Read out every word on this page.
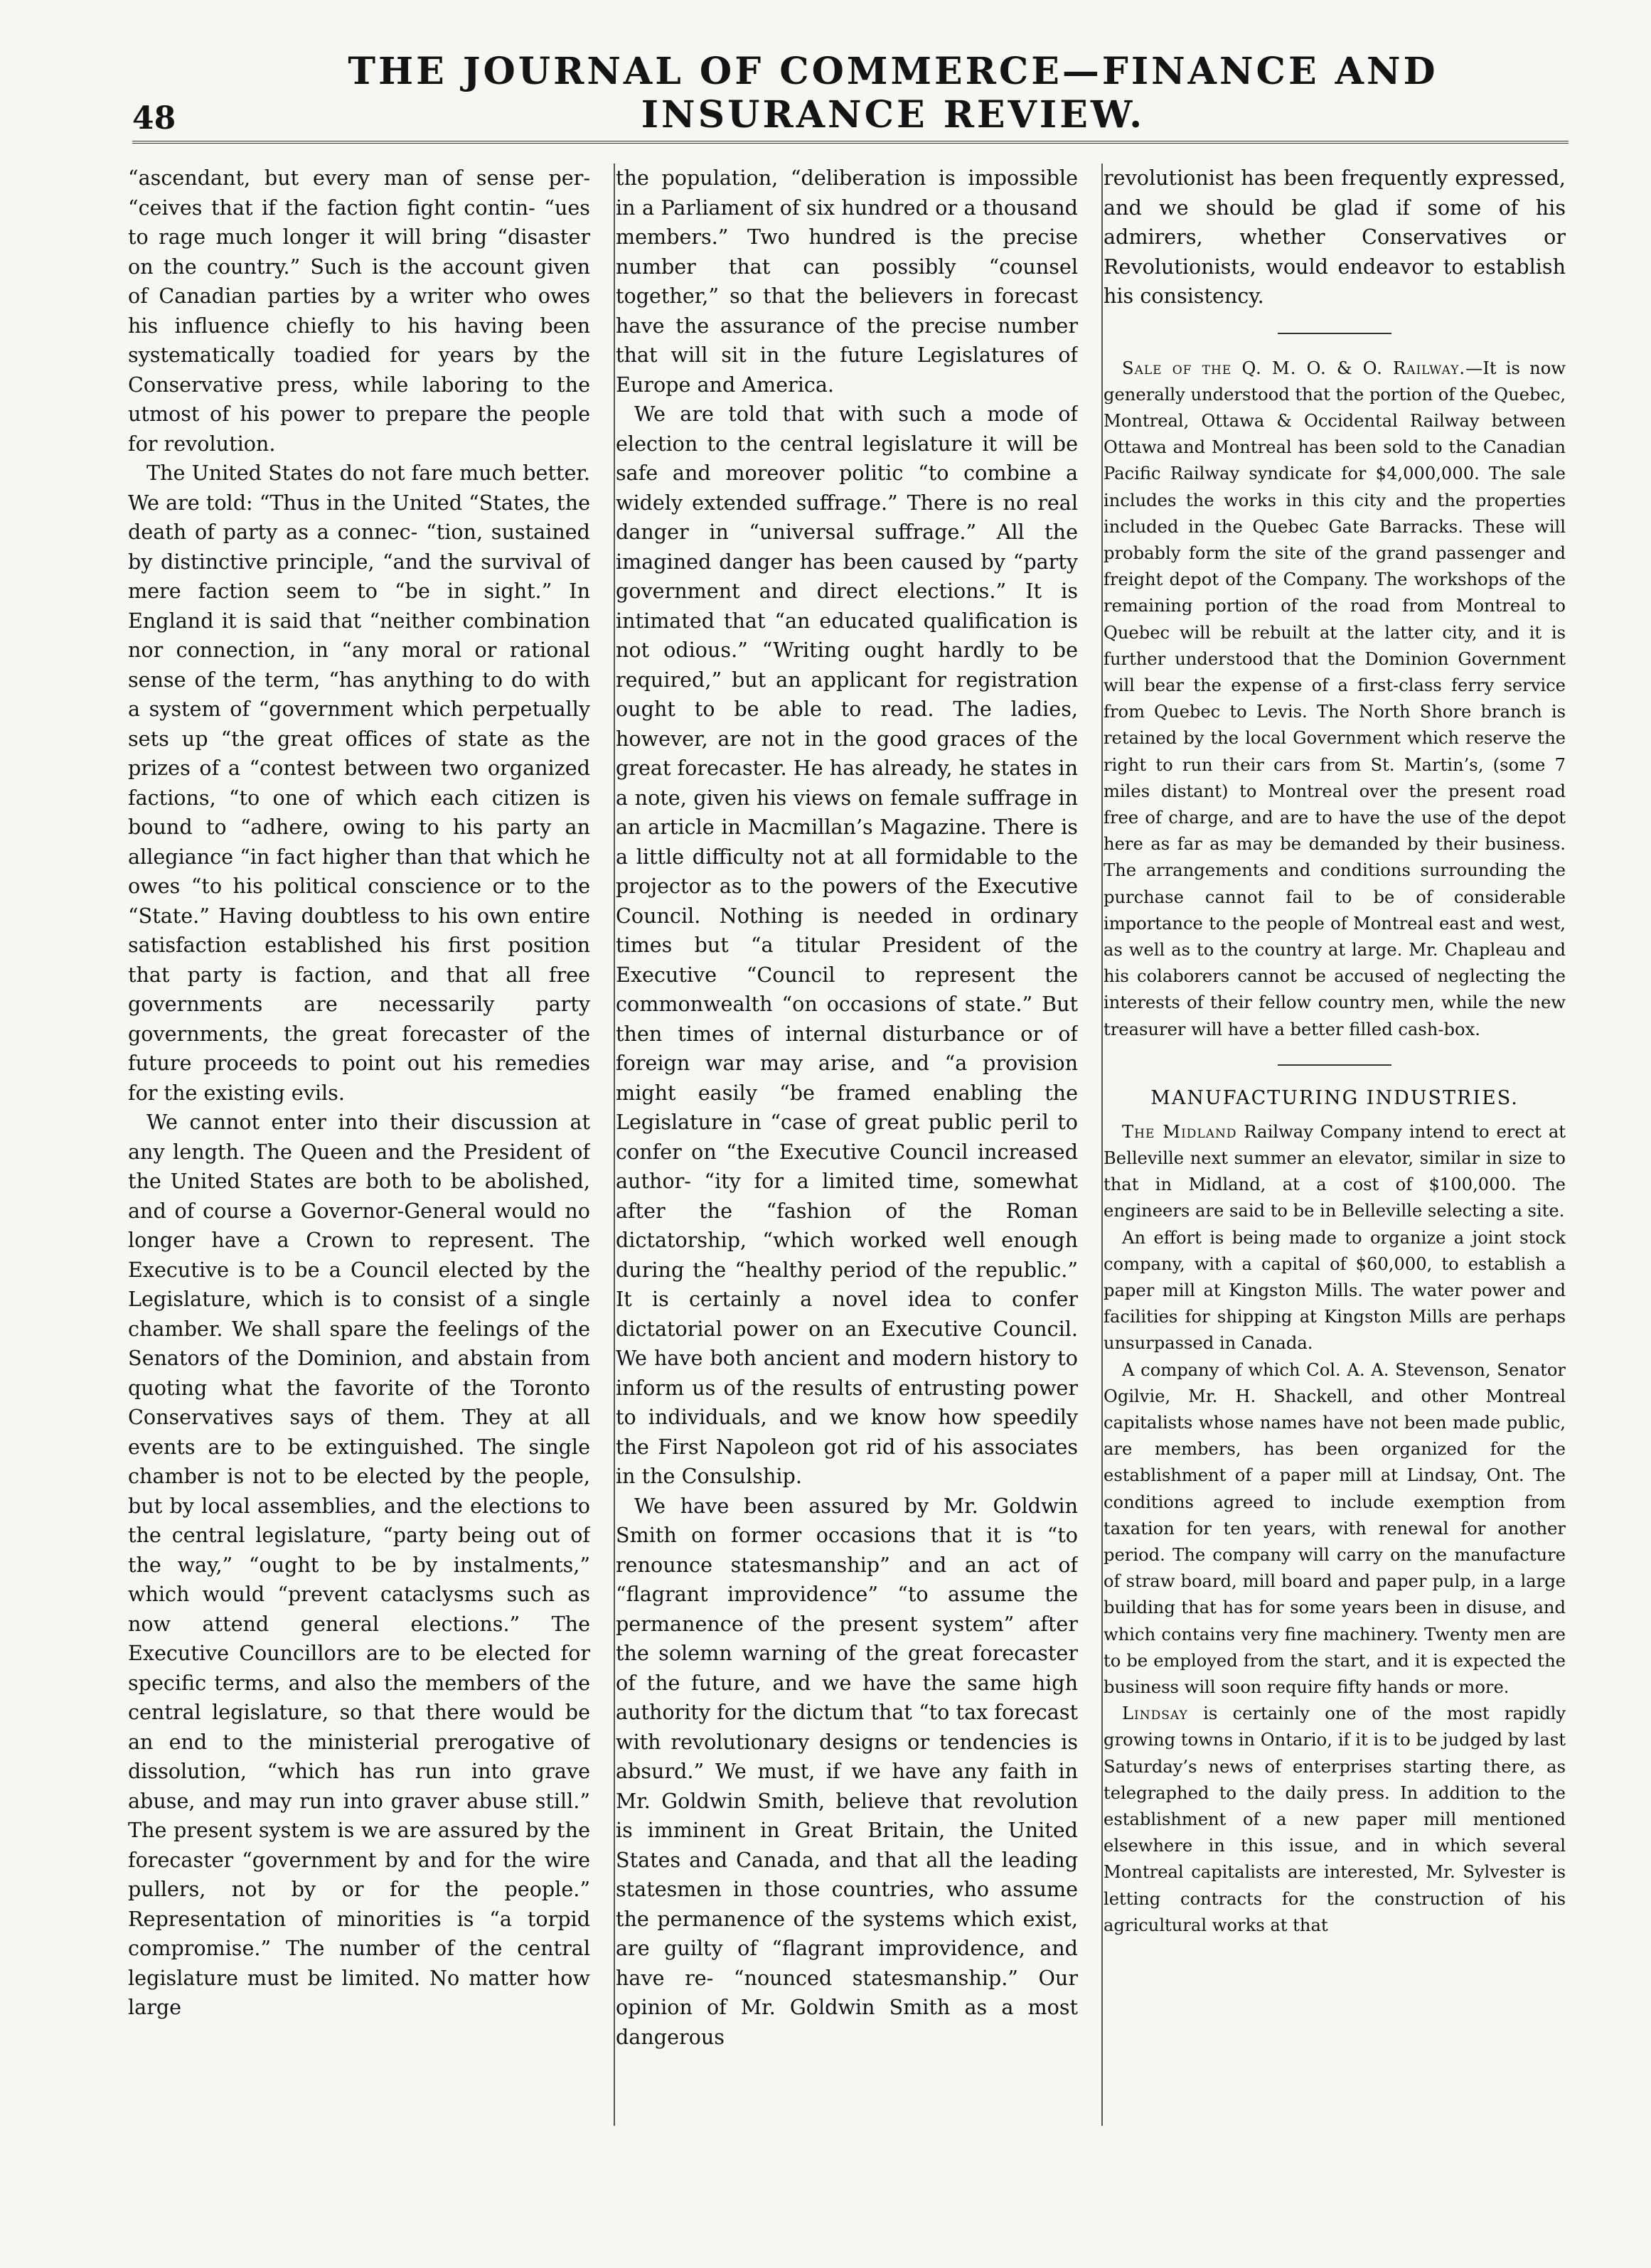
48
THE JOURNAL OF COMMERCE—FINANCE AND INSURANCE REVIEW.

“ascendant, but every man of sense per- “ceives that if the faction fight contin- “ues to rage much longer it will bring “disaster on the country.” Such is the account given of Canadian parties by a writer who owes his influence chiefly to his having been systematically toadied for years by the Conservative press, while laboring to the utmost of his power to prepare the people for revolution.

The United States do not fare much better. We are told: “Thus in the United “States, the death of party as a connec- “tion, sustained by distinctive principle, “and the survival of mere faction seem to “be in sight.” In England it is said that “neither combination nor connection, in “any moral or rational sense of the term, “has anything to do with a system of “government which perpetually sets up “the great offices of state as the prizes of a “contest between two organized factions, “to one of which each citizen is bound to “adhere, owing to his party an allegiance “in fact higher than that which he owes “to his political conscience or to the “State.” Having doubtless to his own entire satisfaction established his first position that party is faction, and that all free governments are necessarily party governments, the great forecaster of the future proceeds to point out his remedies for the existing evils.

We cannot enter into their discussion at any length. The Queen and the President of the United States are both to be abolished, and of course a Governor-General would no longer have a Crown to represent. The Executive is to be a Council elected by the Legislature, which is to consist of a single chamber. We shall spare the feelings of the Senators of the Dominion, and abstain from quoting what the favorite of the Toronto Conservatives says of them. They at all events are to be extinguished. The single chamber is not to be elected by the people, but by local assemblies, and the elections to the central legislature, “party being out of the way,” “ought to be by instalments,” which would “prevent cataclysms such as now attend general elections.” The Executive Councillors are to be elected for specific terms, and also the members of the central legislature, so that there would be an end to the ministerial prerogative of dissolution, “which has run into grave abuse, and may run into graver abuse still.” The present system is we are assured by the forecaster “government by and for the wire pullers, not by or for the people.” Representation of minorities is “a torpid compromise.” The number of the central legislature must be limited. No matter how large

the population, “deliberation is impossible in a Parliament of six hundred or a thousand members.” Two hundred is the precise number that can possibly “counsel together,” so that the believers in forecast have the assurance of the precise number that will sit in the future Legislatures of Europe and America.

We are told that with such a mode of election to the central legislature it will be safe and moreover politic “to combine a widely extended suffrage.” There is no real danger in “universal suffrage.” All the imagined danger has been caused by “party government and direct elections.” It is intimated that “an educated qualification is not odious.” “Writing ought hardly to be required,” but an applicant for registration ought to be able to read. The ladies, however, are not in the good graces of the great forecaster. He has already, he states in a note, given his views on female suffrage in an article in Macmillan’s Magazine. There is a little difficulty not at all formidable to the projector as to the powers of the Executive Council. Nothing is needed in ordinary times but “a titular President of the Executive “Council to represent the commonwealth “on occasions of state.” But then times of internal disturbance or of foreign war may arise, and “a provision might easily “be framed enabling the Legislature in “case of great public peril to confer on “the Executive Council increased author- “ity for a limited time, somewhat after the “fashion of the Roman dictatorship, “which worked well enough during the “healthy period of the republic.” It is certainly a novel idea to confer dictatorial power on an Executive Council. We have both ancient and modern history to inform us of the results of entrusting power to individuals, and we know how speedily the First Napoleon got rid of his associates in the Consulship.

We have been assured by Mr. Goldwin Smith on former occasions that it is “to renounce statesmanship” and an act of “flagrant improvidence” “to assume the permanence of the present system” after the solemn warning of the great forecaster of the future, and we have the same high authority for the dictum that “to tax forecast with revolutionary designs or tendencies is absurd.” We must, if we have any faith in Mr. Goldwin Smith, believe that revolution is imminent in Great Britain, the United States and Canada, and that all the leading statesmen in those countries, who assume the permanence of the systems which exist, are guilty of “flagrant improvidence, and have re- “nounced statesmanship.” Our opinion of Mr. Goldwin Smith as a most dangerous

revolutionist has been frequently expressed, and we should be glad if some of his admirers, whether Conservatives or Revolutionists, would endeavor to establish his consistency.

Sale of the Q. M. O. & O. Railway.—It is now generally understood that the portion of the Quebec, Montreal, Ottawa & Occidental Railway between Ottawa and Montreal has been sold to the Canadian Pacific Railway syndicate for $4,000,000. The sale includes the works in this city and the properties included in the Quebec Gate Barracks. These will probably form the site of the grand passenger and freight depot of the Company. The workshops of the remaining portion of the road from Montreal to Quebec will be rebuilt at the latter city, and it is further understood that the Dominion Government will bear the expense of a first-class ferry service from Quebec to Levis. The North Shore branch is retained by the local Government which reserve the right to run their cars from St. Martin’s, (some 7 miles distant) to Montreal over the present road free of charge, and are to have the use of the depot here as far as may be demanded by their business. The arrangements and conditions surrounding the purchase cannot fail to be of considerable importance to the people of Montreal east and west, as well as to the country at large. Mr. Chapleau and his colaborers cannot be accused of neglecting the interests of their fellow country men, while the new treasurer will have a better filled cash-box.

MANUFACTURING INDUSTRIES.

The Midland Railway Company intend to erect at Belleville next summer an elevator, similar in size to that in Midland, at a cost of $100,000. The engineers are said to be in Belleville selecting a site.

An effort is being made to organize a joint stock company, with a capital of $60,000, to establish a paper mill at Kingston Mills. The water power and facilities for shipping at Kingston Mills are perhaps unsurpassed in Canada.

A company of which Col. A. A. Stevenson, Senator Ogilvie, Mr. H. Shackell, and other Montreal capitalists whose names have not been made public, are members, has been organized for the establishment of a paper mill at Lindsay, Ont. The conditions agreed to include exemption from taxation for ten years, with renewal for another period. The company will carry on the manufacture of straw board, mill board and paper pulp, in a large building that has for some years been in disuse, and which contains very fine machinery. Twenty men are to be employed from the start, and it is expected the business will soon require fifty hands or more.

Lindsay is certainly one of the most rapidly growing towns in Ontario, if it is to be judged by last Saturday’s news of enterprises starting there, as telegraphed to the daily press. In addition to the establishment of a new paper mill mentioned elsewhere in this issue, and in which several Montreal capitalists are interested, Mr. Sylvester is letting contracts for the construction of his agricultural works at that
